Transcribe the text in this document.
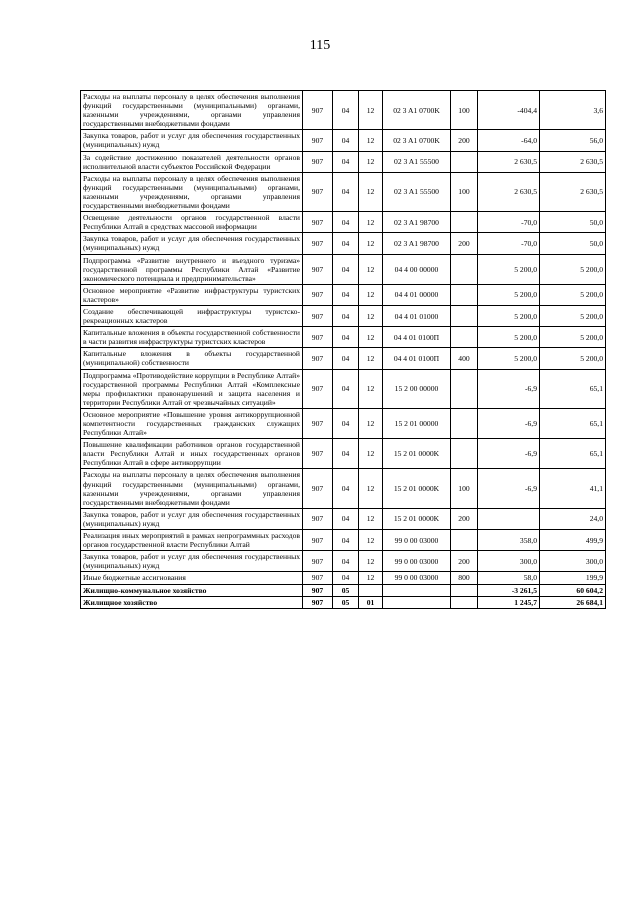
115
Расходы на выплаты персоналу в целях обеспечения выполнения функций государственными (муниципальными) органами, казенными учреждениями, органами управления государственными внебюджетными фондами	907	04	12	02 3 A1 0700K	100	-404,4	3,6
Закупка товаров, работ и услуг для обеспечения государственных (муниципальных) нужд	907	04	12	02 3 A1 0700K	200	-64,0	56,0
За содействие достижению показателей деятельности органов исполнительной власти субъектов Российской Федерации	907	04	12	02 3 A1 55500		2 630,5	2 630,5
Расходы на выплаты персоналу в целях обеспечения выполнения функций государственными (муниципальными) органами, казенными учреждениями, органами управления государственными внебюджетными фондами	907	04	12	02 3 A1 55500	100	2 630,5	2 630,5
Освещение деятельности органов государственной власти Республики Алтай в средствах массовой информации	907	04	12	02 3 A1 98700		-70,0	50,0
Закупка товаров, работ и услуг для обеспечения государственных (муниципальных) нужд	907	04	12	02 3 A1 98700	200	-70,0	50,0
Подпрограмма «Развитие внутреннего и въездного туризма» государственной программы Республики Алтай «Развитие экономического потенциала и предпринимательства»	907	04	12	04 4 00 00000		5 200,0	5 200,0
Основное мероприятие «Развитие инфраструктуры туристских кластеров»	907	04	12	04 4 01 00000		5 200,0	5 200,0
Создание обеспечивающей инфраструктуры туристско-рекреационных кластеров	907	04	12	04 4 01 01000		5 200,0	5 200,0
Капитальные вложения в объекты государственной собственности в части развития инфраструктуры туристских кластеров	907	04	12	04 4 01 0100П		5 200,0	5 200,0
Капитальные вложения в объекты государственной (муниципальной) собственности	907	04	12	04 4 01 0100П	400	5 200,0	5 200,0
Подпрограмма «Противодействие коррупции в Республике Алтай» государственной программы Республики Алтай «Комплексные меры профилактики правонарушений и защита населения и территории Республики Алтай от чрезвычайных ситуаций»	907	04	12	15 2 00 00000		-6,9	65,1
Основное мероприятие «Повышение уровня антикоррупционной компетентности государственных гражданских служащих Республики Алтай»	907	04	12	15 2 01 00000		-6,9	65,1
Повышение квалификации работников органов государственной власти Республики Алтай и иных государственных органов Республики Алтай в сфере антикоррупции	907	04	12	15 2 01 0000K		-6,9	65,1
Расходы на выплаты персоналу в целях обеспечения выполнения функций государственными (муниципальными) органами, казенными учреждениями, органами управления государственными внебюджетными фондами	907	04	12	15 2 01 0000K	100	-6,9	41,1
Закупка товаров, работ и услуг для обеспечения государственных (муниципальных) нужд	907	04	12	15 2 01 0000K	200		24,0
Реализация иных мероприятий в рамках непрограммных расходов органов государственной власти Республики Алтай	907	04	12	99 0 00 03000		358,0	499,9
Закупка товаров, работ и услуг для обеспечения государственных (муниципальных) нужд	907	04	12	99 0 00 03000	200	300,0	300,0
Иные бюджетные ассигнования	907	04	12	99 0 00 03000	800	58,0	199,9
Жилищно-коммунальное хозяйство	907	05				-3 261,5	60 604,2
Жилищное хозяйство	907	05	01			1 245,7	26 684,1
